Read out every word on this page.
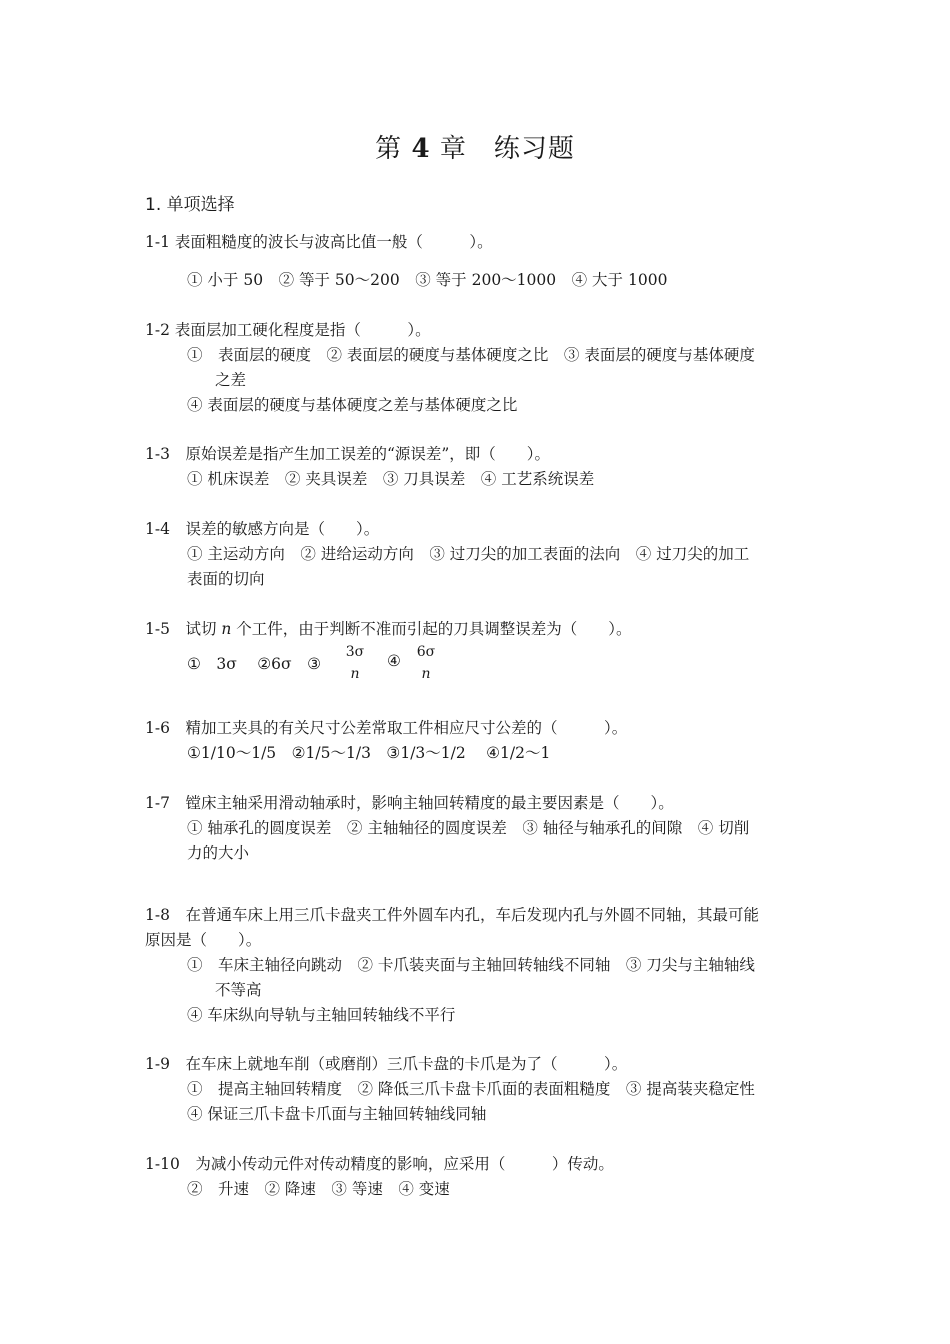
第 4 章　练习题
1. 单项选择
1-1 表面粗糙度的波长与波高比值一般（　　　）。
① 小于 50　② 等于 50～200　③ 等于 200～1000　④ 大于 1000
1-2 表面层加工硬化程度是指（　　　）。
①　表面层的硬度　② 表面层的硬度与基体硬度之比　③ 表面层的硬度与基体硬度
之差
④ 表面层的硬度与基体硬度之差与基体硬度之比
1-3　原始误差是指产生加工误差的“源误差”，即（　　）。
① 机床误差　② 夹具误差　③ 刀具误差　④ 工艺系统误差
1-4　误差的敏感方向是（　　）。
① 主运动方向　② 进给运动方向　③ 过刀尖的加工表面的法向　④ 过刀尖的加工
表面的切向
1-5　试切 n 个工件，由于判断不准而引起的刀具调整误差为（　　）。
①　3σ　 ②6σ　③
3σ
n
④	6σ
n
1-6　精加工夹具的有关尺寸公差常取工件相应尺寸公差的（　　　）。
①1/10～1/5　②1/5～1/3　③1/3～1/2　 ④1/2～1
1-7　镗床主轴采用滑动轴承时，影响主轴回转精度的最主要因素是（　　）。
① 轴承孔的圆度误差　② 主轴轴径的圆度误差　③ 轴径与轴承孔的间隙　④ 切削
力的大小
1-8　在普通车床上用三爪卡盘夹工件外圆车内孔，车后发现内孔与外圆不同轴，其最可能
原因是（　　）。
①　车床主轴径向跳动　② 卡爪装夹面与主轴回转轴线不同轴　③ 刀尖与主轴轴线
不等高
④ 车床纵向导轨与主轴回转轴线不平行
1-9　在车床上就地车削（或磨削）三爪卡盘的卡爪是为了（　　　）。
①　提高主轴回转精度　② 降低三爪卡盘卡爪面的表面粗糙度　③ 提高装夹稳定性
④ 保证三爪卡盘卡爪面与主轴回转轴线同轴
1-10　为减小传动元件对传动精度的影响，应采用（　　　）传动。
②　升速　② 降速　③ 等速　④ 变速
